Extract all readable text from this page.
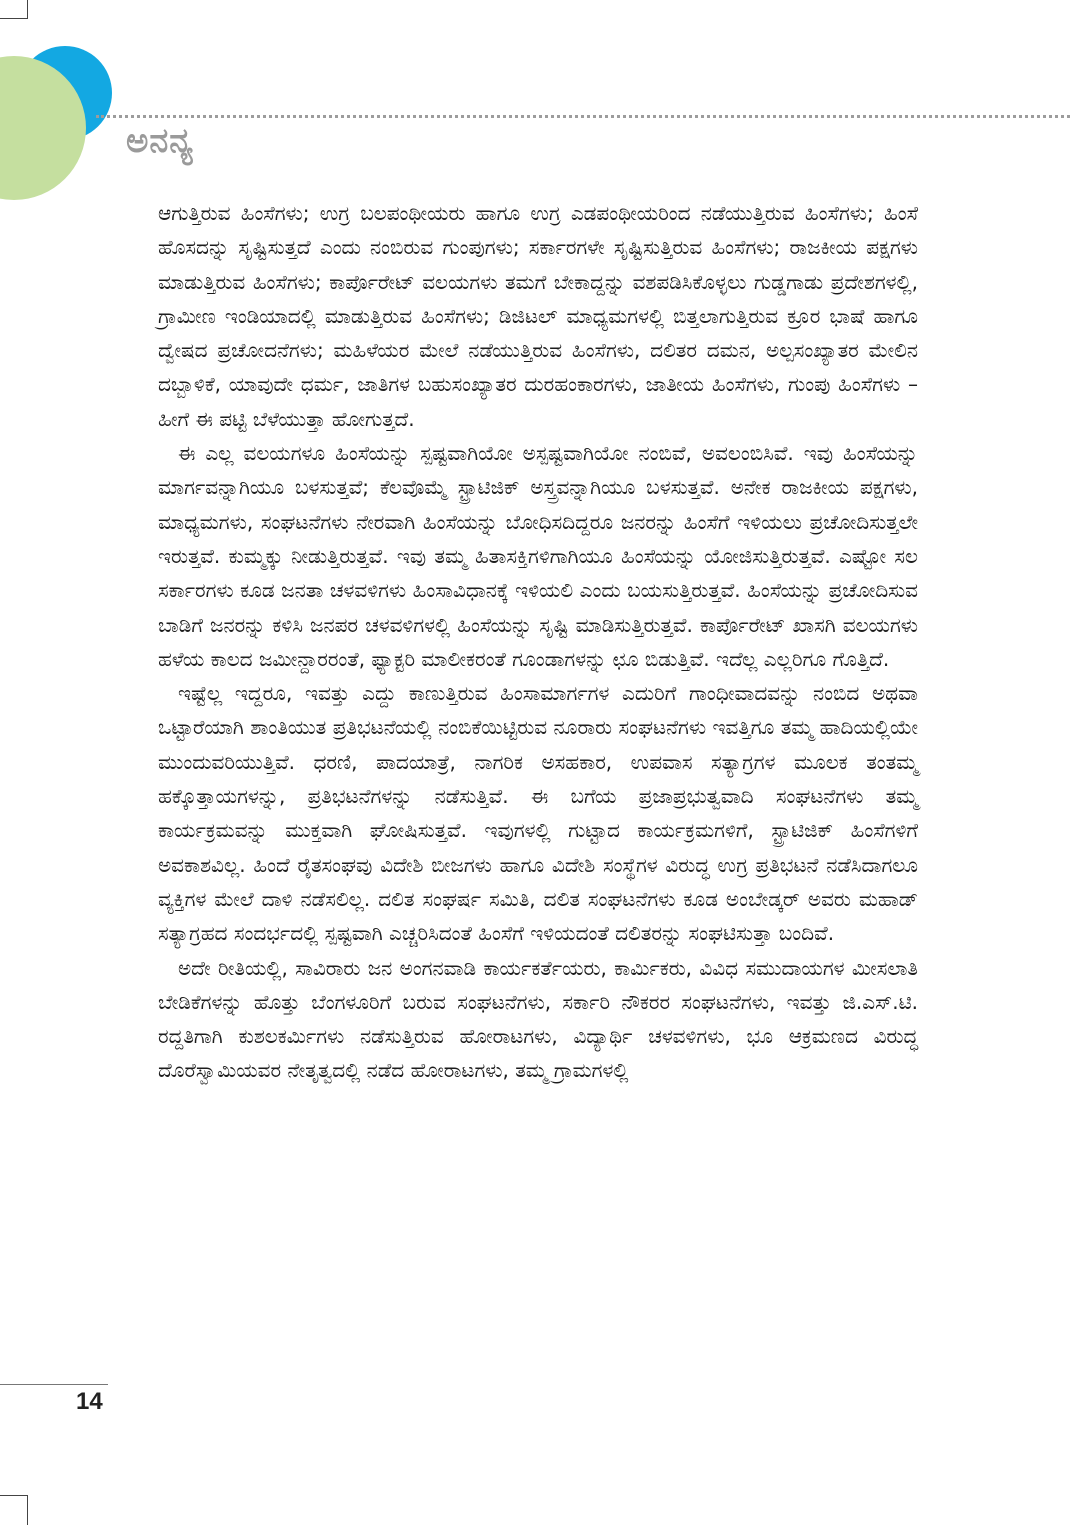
ಅನನ್ಯ

ಆಗುತ್ತಿರುವ ಹಿಂಸೆಗಳು; ಉಗ್ರ ಬಲಪಂಥೀಯರು ಹಾಗೂ ಉಗ್ರ ಎಡಪಂಥೀಯರಿಂದ ನಡೆಯುತ್ತಿರುವ ಹಿಂಸೆಗಳು; ಹಿಂಸೆ ಹೊಸದನ್ನು ಸೃಷ್ಟಿಸುತ್ತದೆ ಎಂದು ನಂಬಿರುವ ಗುಂಪುಗಳು; ಸರ್ಕಾರಗಳೇ ಸೃಷ್ಟಿಸುತ್ತಿರುವ ಹಿಂಸೆಗಳು; ರಾಜಕೀಯ ಪಕ್ಷಗಳು ಮಾಡುತ್ತಿರುವ ಹಿಂಸೆಗಳು; ಕಾರ್ಪೊರೇಟ್ ವಲಯಗಳು ತಮಗೆ ಬೇಕಾದ್ದನ್ನು ವಶಪಡಿಸಿಕೊಳ್ಳಲು ಗುಡ್ಡಗಾಡು ಪ್ರದೇಶಗಳಲ್ಲಿ, ಗ್ರಾಮೀಣ ಇಂಡಿಯಾದಲ್ಲಿ ಮಾಡುತ್ತಿರುವ ಹಿಂಸೆಗಳು; ಡಿಜಿಟಲ್ ಮಾಧ್ಯಮಗಳಲ್ಲಿ ಬಿತ್ತಲಾಗುತ್ತಿರುವ ಕ್ರೂರ ಭಾಷೆ ಹಾಗೂ ದ್ವೇಷದ ಪ್ರಚೋದನೆಗಳು; ಮಹಿಳೆಯರ ಮೇಲೆ ನಡೆಯುತ್ತಿರುವ ಹಿಂಸೆಗಳು, ದಲಿತರ ದಮನ, ಅಲ್ಪಸಂಖ್ಯಾತರ ಮೇಲಿನ ದಬ್ಬಾಳಿಕೆ, ಯಾವುದೇ ಧರ್ಮ, ಜಾತಿಗಳ ಬಹುಸಂಖ್ಯಾತರ ದುರಹಂಕಾರಗಳು, ಜಾತೀಯ ಹಿಂಸೆಗಳು, ಗುಂಪು ಹಿಂಸೆಗಳು – ಹೀಗೆ ಈ ಪಟ್ಟಿ ಬೆಳೆಯುತ್ತಾ ಹೋಗುತ್ತದೆ.

ಈ ಎಲ್ಲ ವಲಯಗಳೂ ಹಿಂಸೆಯನ್ನು ಸ್ಪಷ್ಟವಾಗಿಯೋ ಅಸ್ಪಷ್ಟವಾಗಿಯೋ ನಂಬಿವೆ, ಅವಲಂಬಿಸಿವೆ. ಇವು ಹಿಂಸೆಯನ್ನು ಮಾರ್ಗವನ್ನಾಗಿಯೂ ಬಳಸುತ್ತವೆ; ಕೆಲವೊಮ್ಮೆ ಸ್ಟ್ರಾಟಿಜಿಕ್ ಅಸ್ತ್ರವನ್ನಾಗಿಯೂ ಬಳಸುತ್ತವೆ. ಅನೇಕ ರಾಜಕೀಯ ಪಕ್ಷಗಳು, ಮಾಧ್ಯಮಗಳು, ಸಂಘಟನೆಗಳು ನೇರವಾಗಿ ಹಿಂಸೆಯನ್ನು ಬೋಧಿಸದಿದ್ದರೂ ಜನರನ್ನು ಹಿಂಸೆಗೆ ಇಳಿಯಲು ಪ್ರಚೋದಿಸುತ್ತಲೇ ಇರುತ್ತವೆ. ಕುಮ್ಮಕ್ಕು ನೀಡುತ್ತಿರುತ್ತವೆ. ಇವು ತಮ್ಮ ಹಿತಾಸಕ್ತಿಗಳಿಗಾಗಿಯೂ ಹಿಂಸೆಯನ್ನು ಯೋಜಿಸುತ್ತಿರುತ್ತವೆ. ಎಷ್ಟೋ ಸಲ ಸರ್ಕಾರಗಳು ಕೂಡ ಜನತಾ ಚಳವಳಿಗಳು ಹಿಂಸಾವಿಧಾನಕ್ಕೆ ಇಳಿಯಲಿ ಎಂದು ಬಯಸುತ್ತಿರುತ್ತವೆ. ಹಿಂಸೆಯನ್ನು ಪ್ರಚೋದಿಸುವ ಬಾಡಿಗೆ ಜನರನ್ನು ಕಳಿಸಿ ಜನಪರ ಚಳವಳಿಗಳಲ್ಲಿ ಹಿಂಸೆಯನ್ನು ಸೃಷ್ಟಿ ಮಾಡಿಸುತ್ತಿರುತ್ತವೆ. ಕಾರ್ಪೊರೇಟ್ ಖಾಸಗಿ ವಲಯಗಳು ಹಳೆಯ ಕಾಲದ ಜಮೀನ್ದಾರರಂತೆ, ಫ್ಯಾಕ್ಟರಿ ಮಾಲೀಕರಂತೆ ಗೂಂಡಾಗಳನ್ನು ಛೂ ಬಿಡುತ್ತಿವೆ. ಇದೆಲ್ಲ ಎಲ್ಲರಿಗೂ ಗೊತ್ತಿದೆ.

ಇಷ್ಟೆಲ್ಲ ಇದ್ದರೂ, ಇವತ್ತು ಎದ್ದು ಕಾಣುತ್ತಿರುವ ಹಿಂಸಾಮಾರ್ಗಗಳ ಎದುರಿಗೆ ಗಾಂಧೀವಾದವನ್ನು ನಂಬಿದ ಅಥವಾ ಒಟ್ಟಾರೆಯಾಗಿ ಶಾಂತಿಯುತ ಪ್ರತಿಭಟನೆಯಲ್ಲಿ ನಂಬಿಕೆಯಿಟ್ಟಿರುವ ನೂರಾರು ಸಂಘಟನೆಗಳು ಇವತ್ತಿಗೂ ತಮ್ಮ ಹಾದಿಯಲ್ಲಿಯೇ ಮುಂದುವರಿಯುತ್ತಿವೆ. ಧರಣಿ, ಪಾದಯಾತ್ರೆ, ನಾಗರಿಕ ಅಸಹಕಾರ, ಉಪವಾಸ ಸತ್ಯಾಗ್ರಗಳ ಮೂಲಕ ತಂತಮ್ಮ ಹಕ್ಕೊತ್ತಾಯಗಳನ್ನು, ಪ್ರತಿಭಟನೆಗಳನ್ನು ನಡೆಸುತ್ತಿವೆ. ಈ ಬಗೆಯ ಪ್ರಜಾಪ್ರಭುತ್ವವಾದಿ ಸಂಘಟನೆಗಳು ತಮ್ಮ ಕಾರ್ಯಕ್ರಮವನ್ನು ಮುಕ್ತವಾಗಿ ಘೋಷಿಸುತ್ತವೆ. ಇವುಗಳಲ್ಲಿ ಗುಟ್ಟಾದ ಕಾರ್ಯಕ್ರಮಗಳಿಗೆ, ಸ್ಟ್ರಾಟಿಜಿಕ್ ಹಿಂಸೆಗಳಿಗೆ ಅವಕಾಶವಿಲ್ಲ. ಹಿಂದೆ ರೈತಸಂಘವು ವಿದೇಶಿ ಬೀಜಗಳು ಹಾಗೂ ವಿದೇಶಿ ಸಂಸ್ಥೆಗಳ ವಿರುದ್ಧ ಉಗ್ರ ಪ್ರತಿಭಟನೆ ನಡೆಸಿದಾಗಲೂ ವ್ಯಕ್ತಿಗಳ ಮೇಲೆ ದಾಳಿ ನಡೆಸಲಿಲ್ಲ. ದಲಿತ ಸಂಘರ್ಷ ಸಮಿತಿ, ದಲಿತ ಸಂಘಟನೆಗಳು ಕೂಡ ಅಂಬೇಡ್ಕರ್ ಅವರು ಮಹಾಡ್ ಸತ್ಯಾಗ್ರಹದ ಸಂದರ್ಭದಲ್ಲಿ ಸ್ಪಷ್ಟವಾಗಿ ಎಚ್ಚರಿಸಿದಂತೆ ಹಿಂಸೆಗೆ ಇಳಿಯದಂತೆ ದಲಿತರನ್ನು ಸಂಘಟಿಸುತ್ತಾ ಬಂದಿವೆ.

ಅದೇ ರೀತಿಯಲ್ಲಿ, ಸಾವಿರಾರು ಜನ ಅಂಗನವಾಡಿ ಕಾರ್ಯಕರ್ತೆಯರು, ಕಾರ್ಮಿಕರು, ವಿವಿಧ ಸಮುದಾಯಗಳ ಮೀಸಲಾತಿ ಬೇಡಿಕೆಗಳನ್ನು ಹೊತ್ತು ಬೆಂಗಳೂರಿಗೆ ಬರುವ ಸಂಘಟನೆಗಳು, ಸರ್ಕಾರಿ ನೌಕರರ ಸಂಘಟನೆಗಳು, ಇವತ್ತು ಜಿ.ಎಸ್.ಟಿ. ರದ್ದತಿಗಾಗಿ ಕುಶಲಕರ್ಮಿಗಳು ನಡೆಸುತ್ತಿರುವ ಹೋರಾಟಗಳು, ವಿದ್ಯಾರ್ಥಿ ಚಳವಳಿಗಳು, ಭೂ ಆಕ್ರಮಣದ ವಿರುದ್ಧ ದೊರೆಸ್ವಾಮಿಯವರ ನೇತೃತ್ವದಲ್ಲಿ ನಡೆದ ಹೋರಾಟಗಳು, ತಮ್ಮ ಗ್ರಾಮಗಳಲ್ಲಿ

14
